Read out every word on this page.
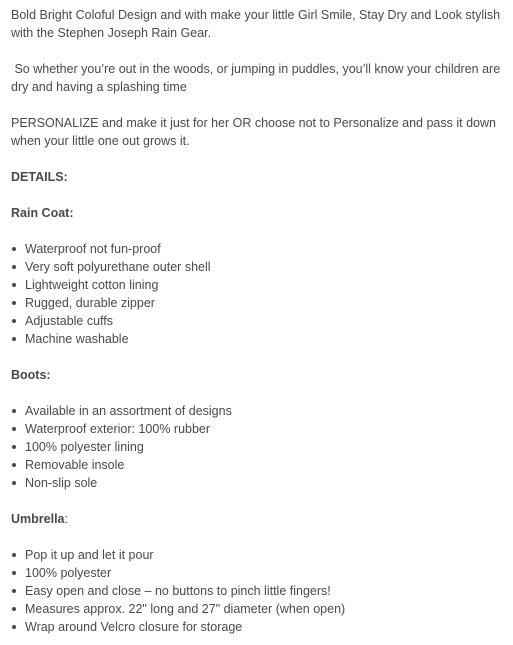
Bold Bright Coloful Design and with make your little Girl Smile, Stay Dry and Look stylish with the Stephen Joseph Rain Gear.

So whether you’re out in the woods, or jumping in puddles, you’ll know your children are dry and having a splashing time

PERSONALIZE and make it just for her OR choose not to Personalize and pass it down when your little one out grows it.

DETAILS:

Rain Coat:

Waterproof not fun-proof
Very soft polyurethane outer shell
Lightweight cotton lining
Rugged, durable zipper
Adjustable cuffs
Machine washable

Boots:

Available in an assortment of designs
Waterproof exterior: 100% rubber
100% polyester lining
Removable insole
Non-slip sole

Umbrella:

Pop it up and let it pour
100% polyester
Easy open and close – no buttons to pinch little fingers!
Measures approx. 22" long and 27" diameter (when open)
Wrap around Velcro closure for storage
